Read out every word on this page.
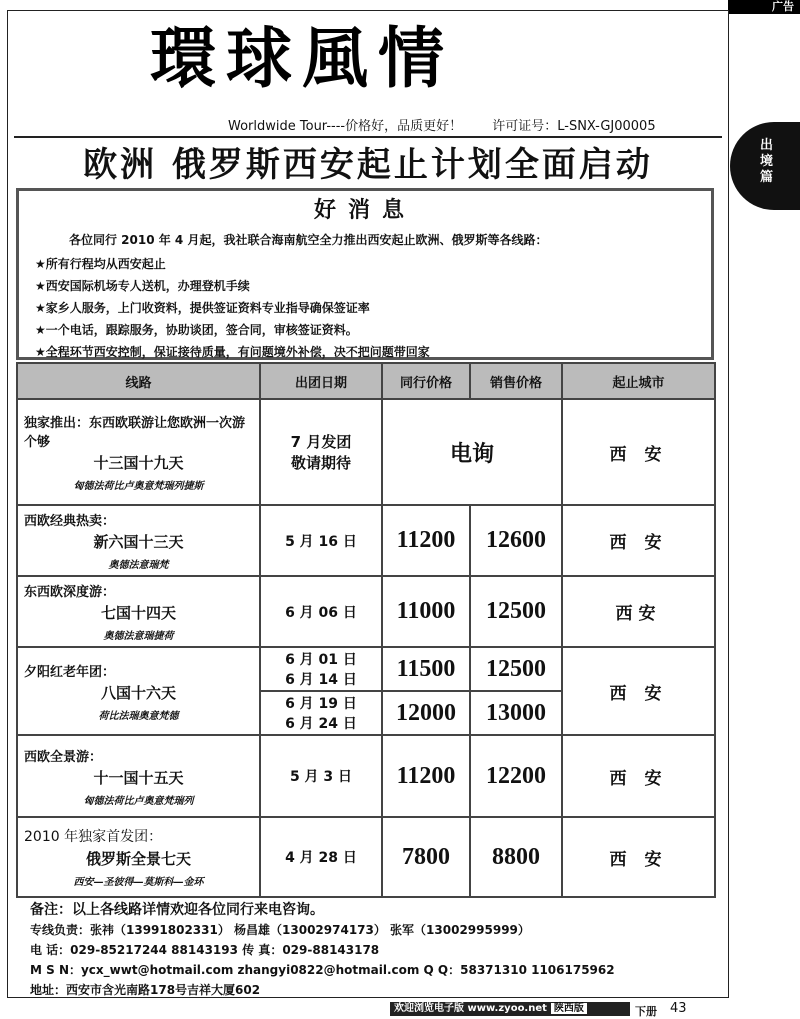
广告
出境篇
環球風情
Worldwide Tour----价格好，品质更好！ 许可证号：L-SNX-GJ00005
欧洲 俄罗斯西安起止计划全面启动
好消息
各位同行 2010 年 4 月起，我社联合海南航空全力推出西安起止欧洲、俄罗斯等各线路：
★所有行程均从西安起止
★西安国际机场专人送机，办理登机手续
★家乡人服务，上门收资料，提供签证资料专业指导确保签证率
★一个电话，跟踪服务，协助谈团，签合同，审核签证资料。
★全程环节西安控制，保证接待质量，有问题境外补偿，决不把问题带回家
线路	出团日期	同行价格	销售价格	起止城市

独家推出：东西欧联游让您欧洲一次游个够
十三国十九天
匈德法荷比卢奥意梵瑞列捷斯	7 月发团
敬请期待	电询		西 安

西欧经典热卖：
新六国十三天
奥德法意瑞梵	5 月 16 日	11200	12600	西 安

东西欧深度游：
七国十四天
奥德法意瑞捷荷	6 月 06 日	11000	12500	西安

夕阳红老年团：
八国十六天
荷比法瑞奥意梵德	6 月 01 日
6 月 14 日	11500	12500	西 安
	6 月 19 日
6 月 24 日	12000	13000	

西欧全景游：
十一国十五天
匈德法荷比卢奥意梵瑞列	5 月 3 日	11200	12200	西 安

2010 年独家首发团：
俄罗斯全景七天
西安—圣彼得—莫斯科—金环	4 月 28 日	7800	8800	西 安
备注：以上各线路详情欢迎各位同行来电咨询。
专线负责：张祎（13991802331） 杨昌雄（13002974173） 张军（13002995999）
电 话：029-85217244 88143193 传 真：029-88143178
M S N：ycx_wwt@hotmail.com zhangyi0822@hotmail.com Q Q：58371310 1106175962
地址：西安市含光南路178号吉祥大厦602
欢迎浏览电子版 www.zyoo.net 陕西版	下册 43
